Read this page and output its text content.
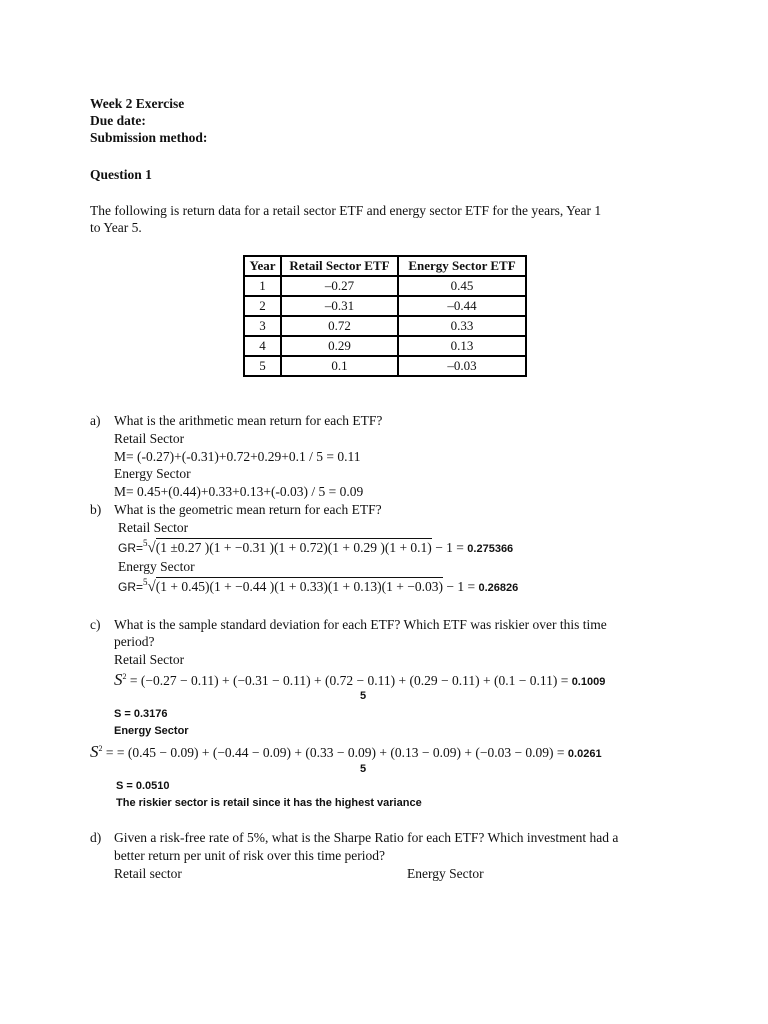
Week 2 Exercise
Due date:
Submission method:
Question 1
The following is return data for a retail sector ETF and energy sector ETF for the years, Year 1
to Year 5.
Year	Retail Sector ETF	Energy Sector ETF
1	–0.27	0.45
2	–0.31	–0.44
3	0.72	0.33
4	0.29	0.13
5	0.1	–0.03
a) What is the arithmetic mean return for each ETF?
Retail Sector
M= (-0.27)+(-0.31)+0.72+0.29+0.1 / 5 = 0.11
Energy Sector
M= 0.45+(0.44)+0.33+0.13+(-0.03) / 5 = 0.09
b) What is the geometric mean return for each ETF?
Retail Sector
GR=$^5$√(1 ±0.27 )(1 + −0.31 )(1 + 0.72)(1 + 0.29 )(1 + 0.1) − 1 = 0.275366
Energy Sector
GR=$^5$√(1 + 0.45)(1 + −0.44 )(1 + 0.33)(1 + 0.13)(1 + −0.03) − 1 = 0.26826
c) What is the sample standard deviation for each ETF? Which ETF was riskier over this time
period?
Retail Sector
$S^2 = (-0.27 - 0.11) + (-0.31 - 0.11) + (0.72 - 0.11) + (0.29 - 0.11) + (0.1 - 0.11) = 0.1009$
5
S = 0.3176
Energy Sector
$S^2$ = = (0.45 − 0.09) + (−0.44 − 0.09) + (0.33 − 0.09) + (0.13 − 0.09) + (−0.03 − 0.09) = 0.0261
5
S = 0.0510
The riskier sector is retail since it has the highest variance
d) Given a risk-free rate of 5%, what is the Sharpe Ratio for each ETF? Which investment had a
better return per unit of risk over this time period?
Retail sector	Energy Sector
